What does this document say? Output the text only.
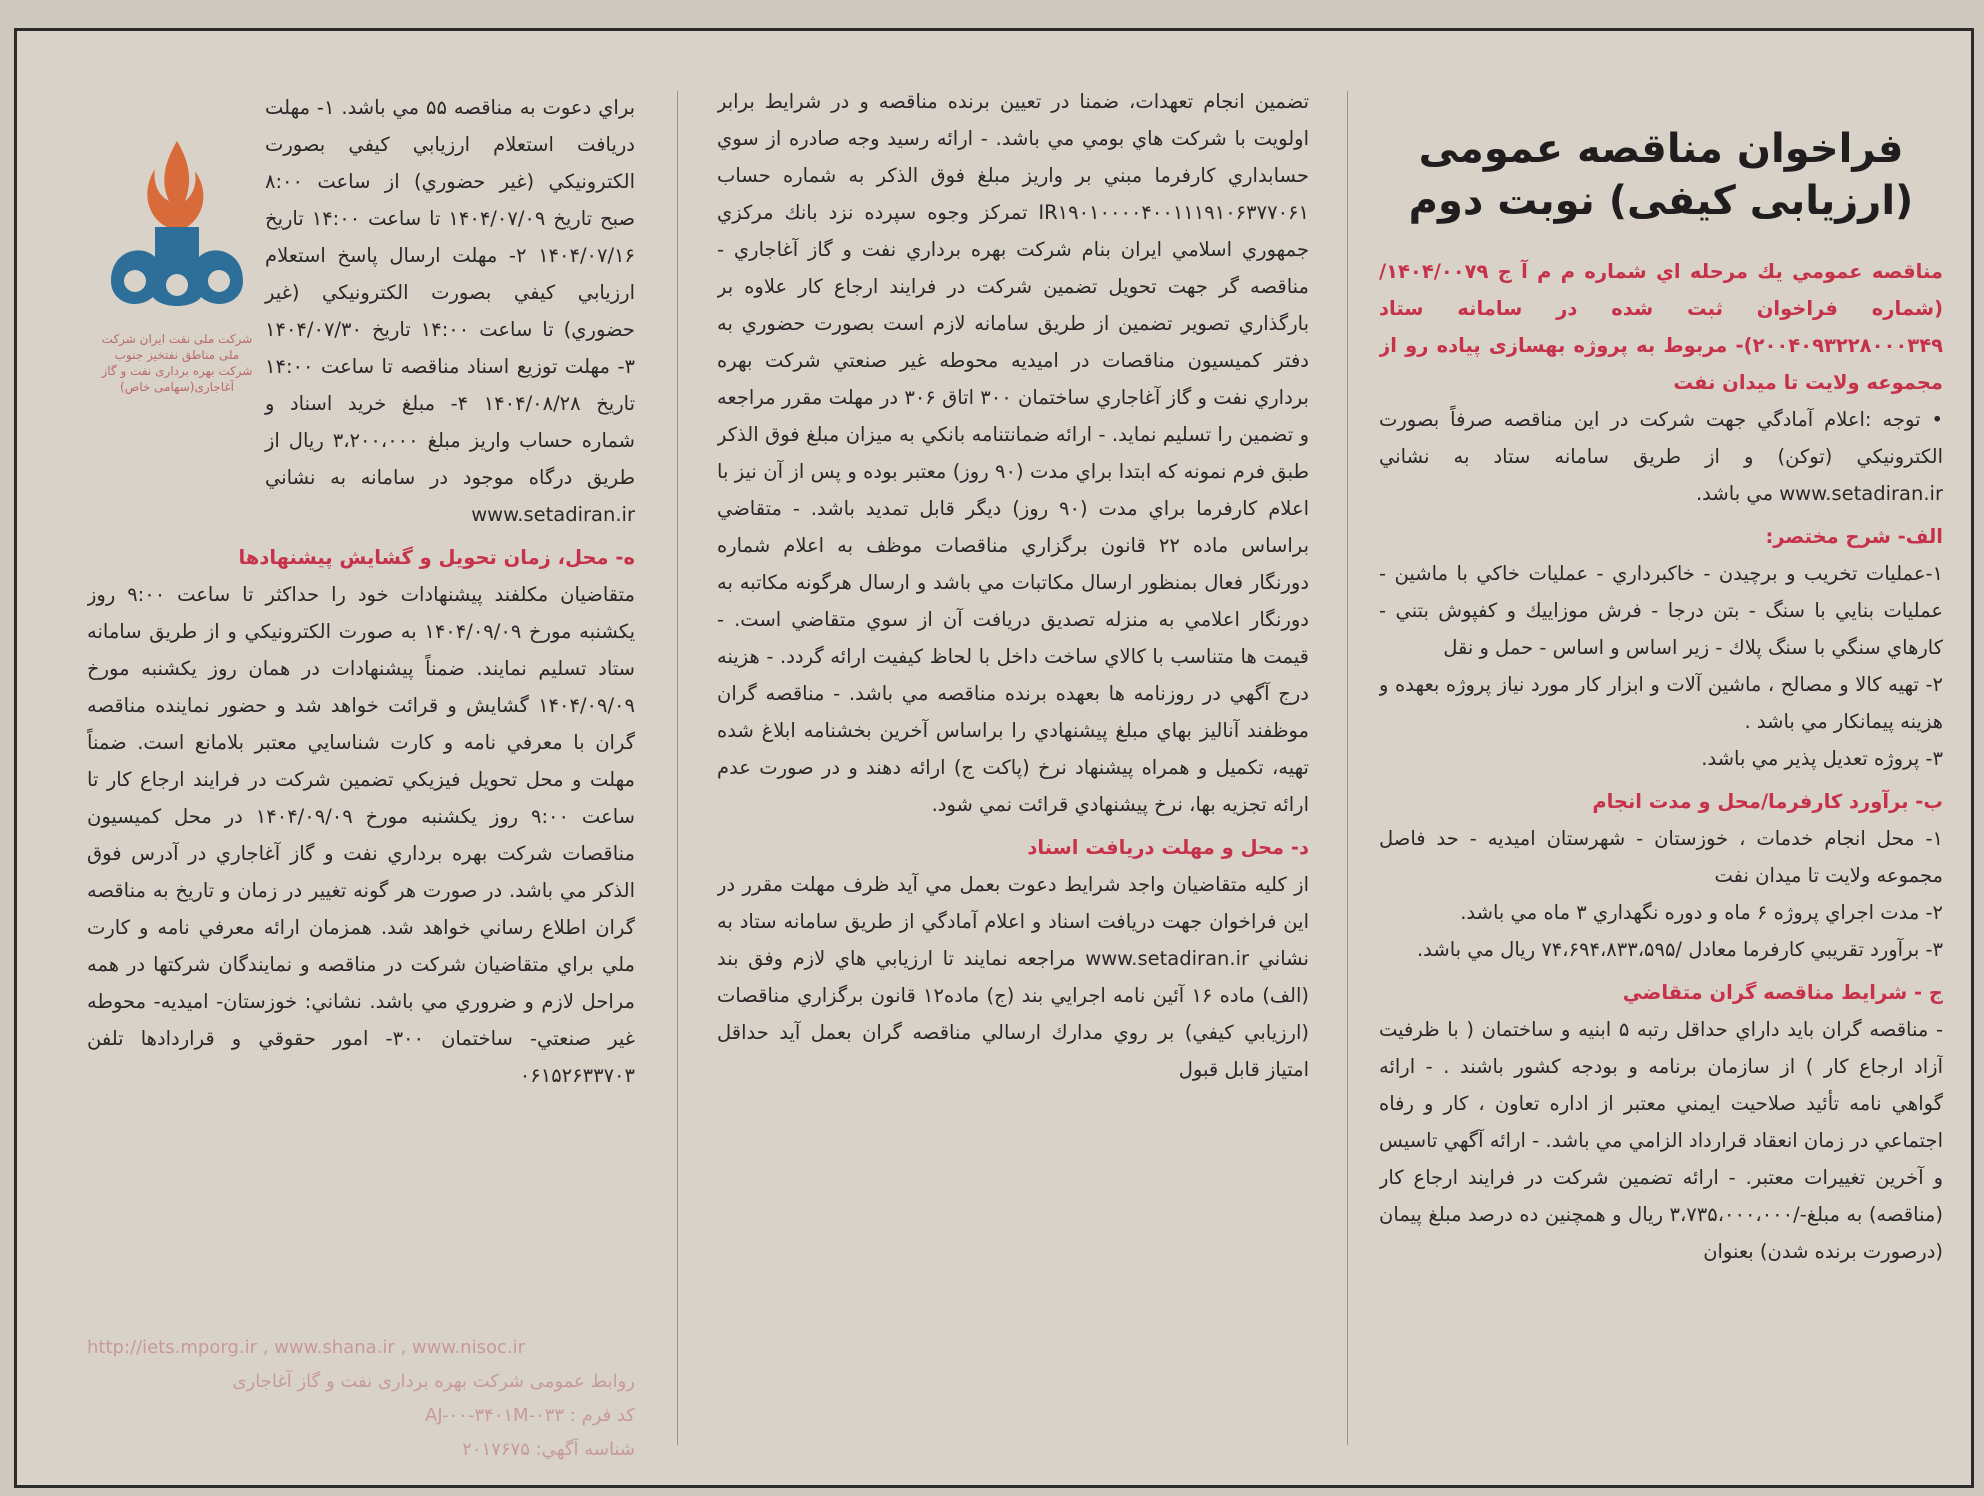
فراخوان مناقصه عمومی (ارزیابی کیفی) نوبت دوم

مناقصه عمومي يك مرحله اي شماره م م آ ج ۱۴۰۴/۰۰۷۹/ (شماره فراخوان ثبت شده در سامانه ستاد ۲۰۰۴۰۹۳۲۲۸۰۰۰۳۴۹)- مربوط به پروژه بهسازی پیاده رو از مجموعه ولایت تا میدان نفت

• توجه :اعلام آمادگي جهت شركت در اين مناقصه صرفاً بصورت الكترونيكي (توكن) و از طريق سامانه ستاد به نشاني www.setadiran.ir مي باشد.

الف- شرح مختصر:

۱-عمليات تخريب و برچيدن - خاكبرداري - عمليات خاكي با ماشين - عمليات بنايي با سنگ - بتن درجا - فرش موزاييك و كفپوش بتني - كارهاي سنگي با سنگ پلاك - زير اساس و اساس - حمل و نقل

۲- تهيه كالا و مصالح ، ماشين آلات و ابزار كار مورد نياز پروژه بعهده و هزينه پيمانكار مي باشد .

۳- پروژه تعديل پذير مي باشد.

ب- برآورد كارفرما/محل و مدت انجام

۱- محل انجام خدمات ، خوزستان - شهرستان اميديه - حد فاصل مجموعه ولايت تا ميدان نفت

۲- مدت اجراي پروژه ۶ ماه و دوره نگهداري ۳ ماه مي باشد.

۳- برآورد تقريبي كارفرما معادل /۷۴،۶۹۴،۸۳۳،۵۹۵ ريال مي باشد.

ج - شرايط مناقصه گران متقاضي

- مناقصه گران بايد داراي حداقل رتبه ۵ ابنيه و ساختمان ( با ظرفيت آزاد ارجاع كار ) از سازمان برنامه و بودجه كشور باشند . - ارائه گواهي نامه تأئيد صلاحيت ايمني معتبر از اداره تعاون ، كار و رفاه اجتماعي در زمان انعقاد قرارداد الزامي مي باشد. - ارائه آگهي تاسيس و آخرين تغييرات معتبر. - ارائه تضمين شركت در فرايند ارجاع كار (مناقصه) به مبلغ-/۳،۷۳۵،۰۰۰،۰۰۰ ريال و همچنين ده درصد مبلغ پيمان (درصورت برنده شدن) بعنوان

تضمين انجام تعهدات، ضمنا در تعيين برنده مناقصه و در شرايط برابر اولويت با شركت هاي بومي مي باشد. - ارائه رسيد وجه صادره از سوي حسابداري كارفرما مبني بر واريز مبلغ فوق الذكر به شماره حساب IR۱۹۰۱۰۰۰۰۴۰۰۱۱۱۹۱۰۶۳۷۷۰۶۱ تمركز وجوه سپرده نزد بانك مركزي جمهوري اسلامي ايران بنام شركت بهره برداري نفت و گاز آغاجاري - مناقصه گر جهت تحويل تضمين شركت در فرايند ارجاع كار علاوه بر بارگذاري تصوير تضمين از طريق سامانه لازم است بصورت حضوري به دفتر كميسيون مناقصات در اميديه محوطه غير صنعتي شركت بهره برداري نفت و گاز آغاجاري ساختمان ۳۰۰ اتاق ۳۰۶ در مهلت مقرر مراجعه و تضمين را تسليم نمايد. - ارائه ضمانتنامه بانكي به ميزان مبلغ فوق الذكر طبق فرم نمونه كه ابتدا براي مدت (۹۰ روز) معتبر بوده و پس از آن نيز با اعلام كارفرما براي مدت (۹۰ روز) ديگر قابل تمديد باشد. - متقاضي براساس ماده ۲۲ قانون برگزاري مناقصات موظف به اعلام شماره دورنگار فعال بمنظور ارسال مكاتبات مي باشد و ارسال هرگونه مكاتبه به دورنگار اعلامي به منزله تصديق دريافت آن از سوي متقاضي است. - قيمت ها متناسب با كالاي ساخت داخل با لحاظ كيفيت ارائه گردد. - هزينه درج آگهي در روزنامه ها بعهده برنده مناقصه مي باشد. - مناقصه گران موظفند آناليز بهاي مبلغ پيشنهادي را براساس آخرين بخشنامه ابلاغ شده تهيه، تكميل و همراه پيشنهاد نرخ (پاكت ج) ارائه دهند و در صورت عدم ارائه تجزيه بها، نرخ پيشنهادي قرائت نمي شود.

د- محل و مهلت دريافت اسناد

از كليه متقاضيان واجد شرايط دعوت بعمل مي آيد ظرف مهلت مقرر در اين فراخوان جهت دريافت اسناد و اعلام آمادگي از طريق سامانه ستاد به نشاني www.setadiran.ir مراجعه نمايند تا ارزيابي هاي لازم وفق بند (الف) ماده ۱۶ آئين نامه اجرايي بند (ج) ماده۱۲ قانون برگزاري مناقصات (ارزيابي كيفي) بر روي مدارك ارسالي مناقصه گران بعمل آيد حداقل امتياز قابل قبول

شركت ملی نفت ايران شركت ملی مناطق نفتخيز جنوب شركت بهره برداری نفت و گاز آغاجاری(سهامی خاص)

براي دعوت به مناقصه ۵۵ مي باشد. ۱- مهلت دريافت استعلام ارزيابي كيفي بصورت الكترونيكي (غير حضوري) از ساعت ۸:۰۰ صبح تاريخ ۱۴۰۴/۰۷/۰۹ تا ساعت ۱۴:۰۰ تاريخ ۱۴۰۴/۰۷/۱۶ ۲- مهلت ارسال پاسخ استعلام ارزيابي كيفي بصورت الكترونيكي (غير حضوري) تا ساعت ۱۴:۰۰ تاريخ ۱۴۰۴/۰۷/۳۰ ۳- مهلت توزيع اسناد مناقصه تا ساعت ۱۴:۰۰ تاريخ ۱۴۰۴/۰۸/۲۸ ۴- مبلغ خريد اسناد و شماره حساب واريز مبلغ ۳،۲۰۰،۰۰۰ ريال از طريق درگاه موجود در سامانه به نشاني www.setadiran.ir

ه- محل، زمان تحويل و گشايش پيشنهادها

متقاضيان مكلفند پيشنهادات خود را حداكثر تا ساعت ۹:۰۰ روز يكشنبه مورخ ۱۴۰۴/۰۹/۰۹ به صورت الكترونيكي و از طريق سامانه ستاد تسليم نمايند. ضمناً پيشنهادات در همان روز يكشنبه مورخ ۱۴۰۴/۰۹/۰۹ گشايش و قرائت خواهد شد و حضور نماينده مناقصه گران با معرفي نامه و كارت شناسايي معتبر بلامانع است. ضمناً مهلت و محل تحويل فيزيكي تضمين شركت در فرايند ارجاع كار تا ساعت ۹:۰۰ روز يكشنبه مورخ ۱۴۰۴/۰۹/۰۹ در محل كميسيون مناقصات شركت بهره برداري نفت و گاز آغاجاري در آدرس فوق الذكر مي باشد. در صورت هر گونه تغيير در زمان و تاريخ به مناقصه گران اطلاع رساني خواهد شد. همزمان ارائه معرفي نامه و كارت ملي براي متقاضيان شركت در مناقصه و نمايندگان شركتها در همه مراحل لازم و ضروري مي باشد. نشاني: خوزستان- اميديه- محوطه غير صنعتي- ساختمان ۳۰۰- امور حقوقي و قراردادها تلفن ۰۶۱۵۲۶۳۳۷۰۳

http://iets.mporg.ir , www.shana.ir , www.nisoc.ir
روابط عمومی شركت بهره برداری نفت و گاز آغاجاری
كد فرم : AJ-۰۰-۳۴۰۱M-۰۳۳
شناسه آگهي: ۲۰۱۷۶۷۵
